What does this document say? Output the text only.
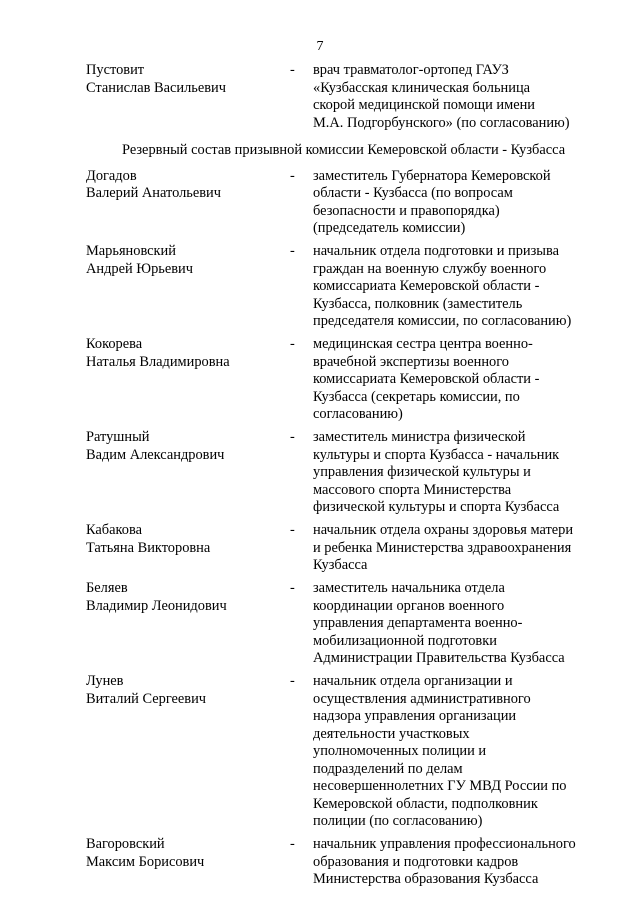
7
Пустовит
Станислав Васильевич
-	врач травматолог-ортопед ГАУЗ
«Кузбасская клиническая больница
скорой медицинской помощи имени
М.А. Подгорбунского» (по согласованию)
Резервный состав призывной комиссии Кемеровской области - Кузбасса
Догадов
Валерий Анатольевич
-	заместитель Губернатора Кемеровской
области - Кузбасса (по вопросам
безопасности и правопорядка)
(председатель комиссии)
Марьяновский
Андрей Юрьевич
-	начальник отдела подготовки и призыва
граждан на военную службу военного
комиссариата Кемеровской области -
Кузбасса, полковник (заместитель
председателя комиссии, по согласованию)
Кокорева
Наталья Владимировна
-	медицинская сестра центра военно-
врачебной экспертизы военного
комиссариата Кемеровской области -
Кузбасса (секретарь комиссии, по
согласованию)
Ратушный
Вадим Александрович
-	заместитель министра физической
культуры и спорта Кузбасса - начальник
управления физической культуры и
массового спорта Министерства
физической культуры и спорта Кузбасса
Кабакова
Татьяна Викторовна
-	начальник отдела охраны здоровья матери
и ребенка Министерства здравоохранения
Кузбасса
Беляев
Владимир Леонидович
-	заместитель начальника отдела
координации органов военного
управления департамента военно-
мобилизационной подготовки
Администрации Правительства Кузбасса
Лунев
Виталий Сергеевич
-	начальник отдела организации и
осуществления административного
надзора управления организации
деятельности участковых
уполномоченных полиции и
подразделений по делам
несовершеннолетних ГУ МВД России по
Кемеровской области, подполковник
полиции (по согласованию)
Вагоровский
Максим Борисович
-	начальник управления профессионального
образования и подготовки кадров
Министерства образования Кузбасса
